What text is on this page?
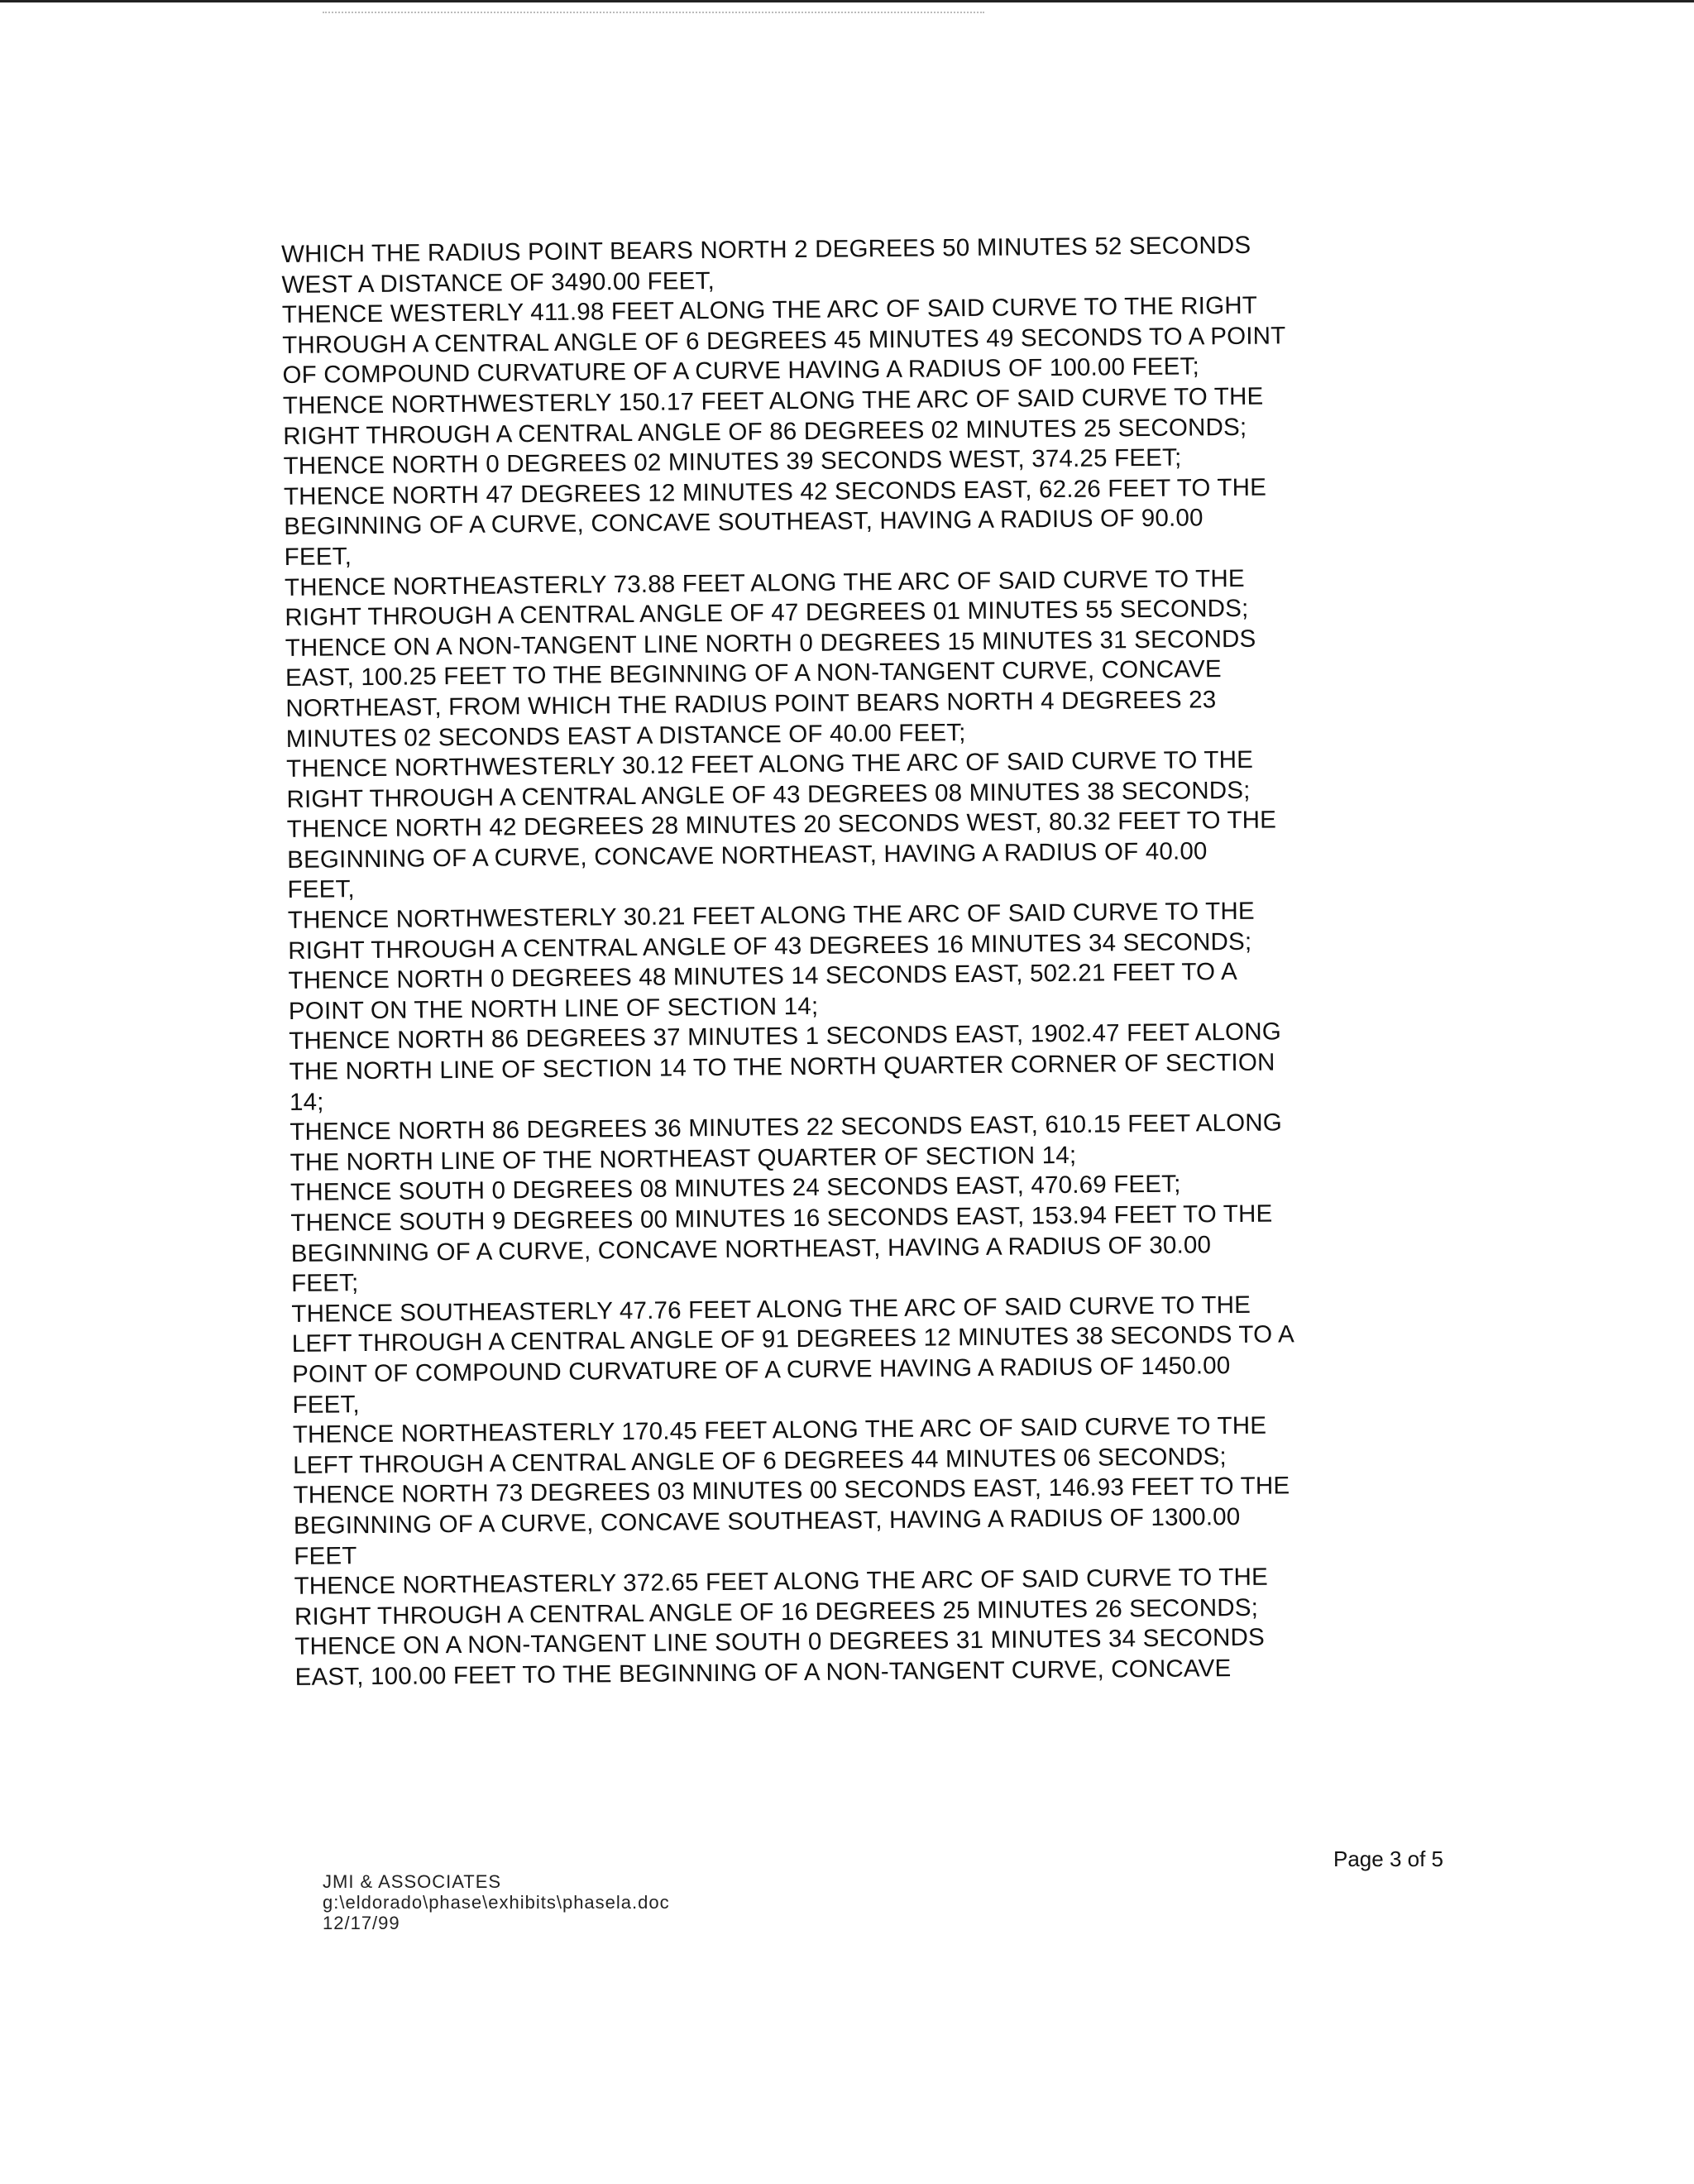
WHICH THE RADIUS POINT BEARS NORTH 2 DEGREES 50 MINUTES 52 SECONDS
WEST A DISTANCE OF 3490.00 FEET,
THENCE WESTERLY 411.98 FEET ALONG THE ARC OF SAID CURVE TO THE RIGHT
THROUGH A CENTRAL ANGLE OF 6 DEGREES 45 MINUTES 49 SECONDS TO A POINT
OF COMPOUND CURVATURE OF A CURVE HAVING A RADIUS OF 100.00 FEET;
THENCE NORTHWESTERLY 150.17 FEET ALONG THE ARC OF SAID CURVE TO THE
RIGHT THROUGH A CENTRAL ANGLE OF 86 DEGREES 02 MINUTES 25 SECONDS;
THENCE NORTH 0 DEGREES 02 MINUTES 39 SECONDS WEST, 374.25 FEET;
THENCE NORTH 47 DEGREES 12 MINUTES 42 SECONDS EAST, 62.26 FEET TO THE
BEGINNING OF A CURVE, CONCAVE SOUTHEAST, HAVING A RADIUS OF 90.00
FEET,
THENCE NORTHEASTERLY 73.88 FEET ALONG THE ARC OF SAID CURVE TO THE
RIGHT THROUGH A CENTRAL ANGLE OF 47 DEGREES 01 MINUTES 55 SECONDS;
THENCE ON A NON-TANGENT LINE NORTH 0 DEGREES 15 MINUTES 31 SECONDS
EAST, 100.25 FEET TO THE BEGINNING OF A NON-TANGENT CURVE, CONCAVE
NORTHEAST, FROM WHICH THE RADIUS POINT BEARS NORTH 4 DEGREES 23
MINUTES 02 SECONDS EAST A DISTANCE OF 40.00 FEET;
THENCE NORTHWESTERLY 30.12 FEET ALONG THE ARC OF SAID CURVE TO THE
RIGHT THROUGH A CENTRAL ANGLE OF 43 DEGREES 08 MINUTES 38 SECONDS;
THENCE NORTH 42 DEGREES 28 MINUTES 20 SECONDS WEST, 80.32 FEET TO THE
BEGINNING OF A CURVE, CONCAVE NORTHEAST, HAVING A RADIUS OF 40.00
FEET,
THENCE NORTHWESTERLY 30.21 FEET ALONG THE ARC OF SAID CURVE TO THE
RIGHT THROUGH A CENTRAL ANGLE OF 43 DEGREES 16 MINUTES 34 SECONDS;
THENCE NORTH 0 DEGREES 48 MINUTES 14 SECONDS EAST, 502.21 FEET TO A
POINT ON THE NORTH LINE OF SECTION 14;
THENCE NORTH 86 DEGREES 37 MINUTES 1 SECONDS EAST, 1902.47 FEET ALONG
THE NORTH LINE OF SECTION 14 TO THE NORTH QUARTER CORNER OF SECTION
14;
THENCE NORTH 86 DEGREES 36 MINUTES 22 SECONDS EAST, 610.15 FEET ALONG
THE NORTH LINE OF THE NORTHEAST QUARTER OF SECTION 14;
THENCE SOUTH 0 DEGREES 08 MINUTES 24 SECONDS EAST, 470.69 FEET;
THENCE SOUTH 9 DEGREES 00 MINUTES 16 SECONDS EAST, 153.94 FEET TO THE
BEGINNING OF A CURVE, CONCAVE NORTHEAST, HAVING A RADIUS OF 30.00
FEET;
THENCE SOUTHEASTERLY 47.76 FEET ALONG THE ARC OF SAID CURVE TO THE
LEFT THROUGH A CENTRAL ANGLE OF 91 DEGREES 12 MINUTES 38 SECONDS TO A
POINT OF COMPOUND CURVATURE OF A CURVE HAVING A RADIUS OF 1450.00
FEET,
THENCE NORTHEASTERLY 170.45 FEET ALONG THE ARC OF SAID CURVE TO THE
LEFT THROUGH A CENTRAL ANGLE OF 6 DEGREES 44 MINUTES 06 SECONDS;
THENCE NORTH 73 DEGREES 03 MINUTES 00 SECONDS EAST, 146.93 FEET TO THE
BEGINNING OF A CURVE, CONCAVE SOUTHEAST, HAVING A RADIUS OF 1300.00
FEET
THENCE NORTHEASTERLY 372.65 FEET ALONG THE ARC OF SAID CURVE TO THE
RIGHT THROUGH A CENTRAL ANGLE OF 16 DEGREES 25 MINUTES 26 SECONDS;
THENCE ON A NON-TANGENT LINE SOUTH 0 DEGREES 31 MINUTES 34 SECONDS
EAST, 100.00 FEET TO THE BEGINNING OF A NON-TANGENT CURVE, CONCAVE
Page 3 of 5
JMI & ASSOCIATES
g:\eldorado\phase\exhibits\phasela.doc
12/17/99
